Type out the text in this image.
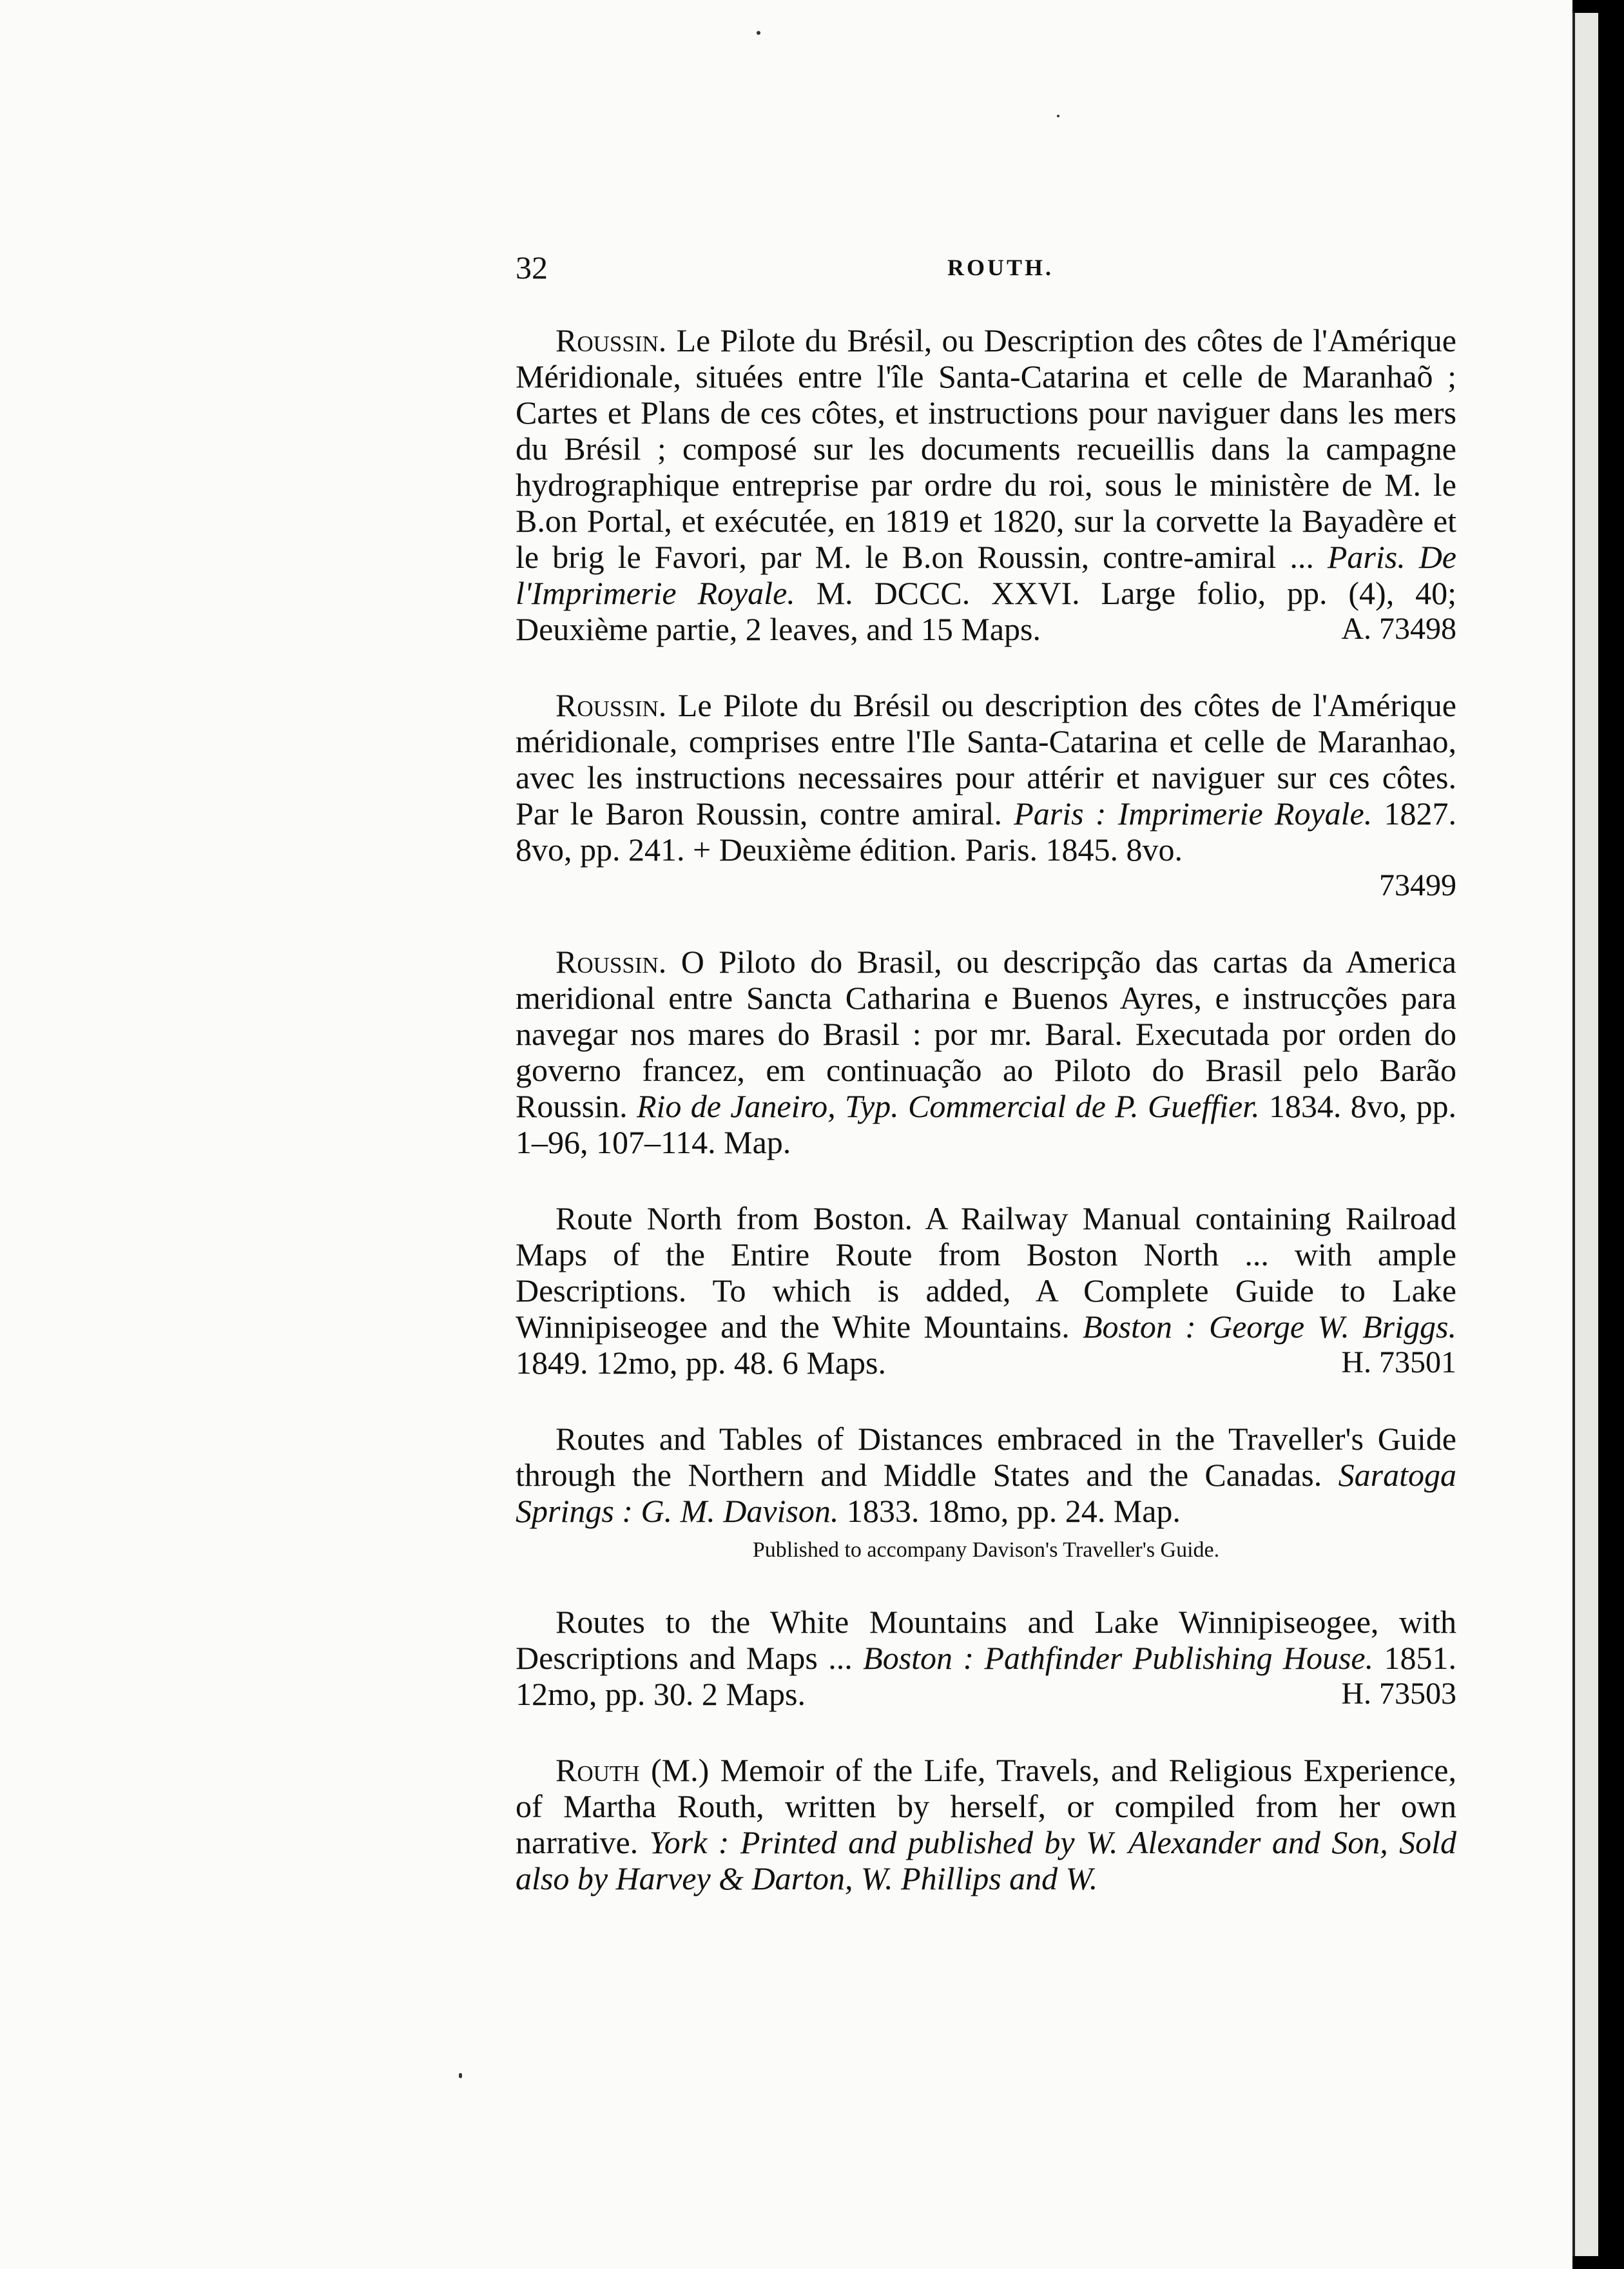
32	ROUTH.

Roussin. Le Pilote du Brésil, ou Description des côtes de l'Amérique Méridionale, situées entre l'île Santa-Catarina et celle de Maranhaõ ; Cartes et Plans de ces côtes, et instructions pour naviguer dans les mers du Brésil ; composé sur les documents recueillis dans la campagne hydrographique entreprise par ordre du roi, sous le ministère de M. le B.on Portal, et exécutée, en 1819 et 1820, sur la corvette la Bayadère et le brig le Favori, par M. le B.on Roussin, contre-amiral ... Paris. De l'Imprimerie Royale. M. DCCC. XXVI. Large folio, pp. (4), 40; Deuxième partie, 2 leaves, and 15 Maps.	A. 73498

Roussin. Le Pilote du Brésil ou description des côtes de l'Amérique méridionale, comprises entre l'Ile Santa-Catarina et celle de Maranhao, avec les instructions necessaires pour attérir et naviguer sur ces côtes. Par le Baron Roussin, contre amiral. Paris : Imprimerie Royale. 1827. 8vo, pp. 241. + Deuxième édition. Paris. 1845. 8vo.
73499

Roussin. O Piloto do Brasil, ou descripção das cartas da America meridional entre Sancta Catharina e Buenos Ayres, e instrucções para navegar nos mares do Brasil : por mr. Baral. Executada por orden do governo francez, em continuação ao Piloto do Brasil pelo Barão Roussin. Rio de Janeiro, Typ. Commercial de P. Gueffier. 1834. 8vo, pp. 1–96, 107–114. Map.

Route North from Boston. A Railway Manual containing Railroad Maps of the Entire Route from Boston North ... with ample Descriptions. To which is added, A Complete Guide to Lake Winnipiseogee and the White Mountains. Boston : George W. Briggs. 1849. 12mo, pp. 48. 6 Maps.	H. 73501

Routes and Tables of Distances embraced in the Traveller's Guide through the Northern and Middle States and the Canadas. Saratoga Springs : G. M. Davison. 1833. 18mo, pp. 24. Map.

Published to accompany Davison's Traveller's Guide.

Routes to the White Mountains and Lake Winnipiseogee, with Descriptions and Maps ... Boston : Pathfinder Publishing House. 1851. 12mo, pp. 30. 2 Maps.	H. 73503

Routh (M.) Memoir of the Life, Travels, and Religious Experience, of Martha Routh, written by herself, or compiled from her own narrative. York : Printed and published by W. Alexander and Son, Sold also by Harvey & Darton, W. Phillips and W.
